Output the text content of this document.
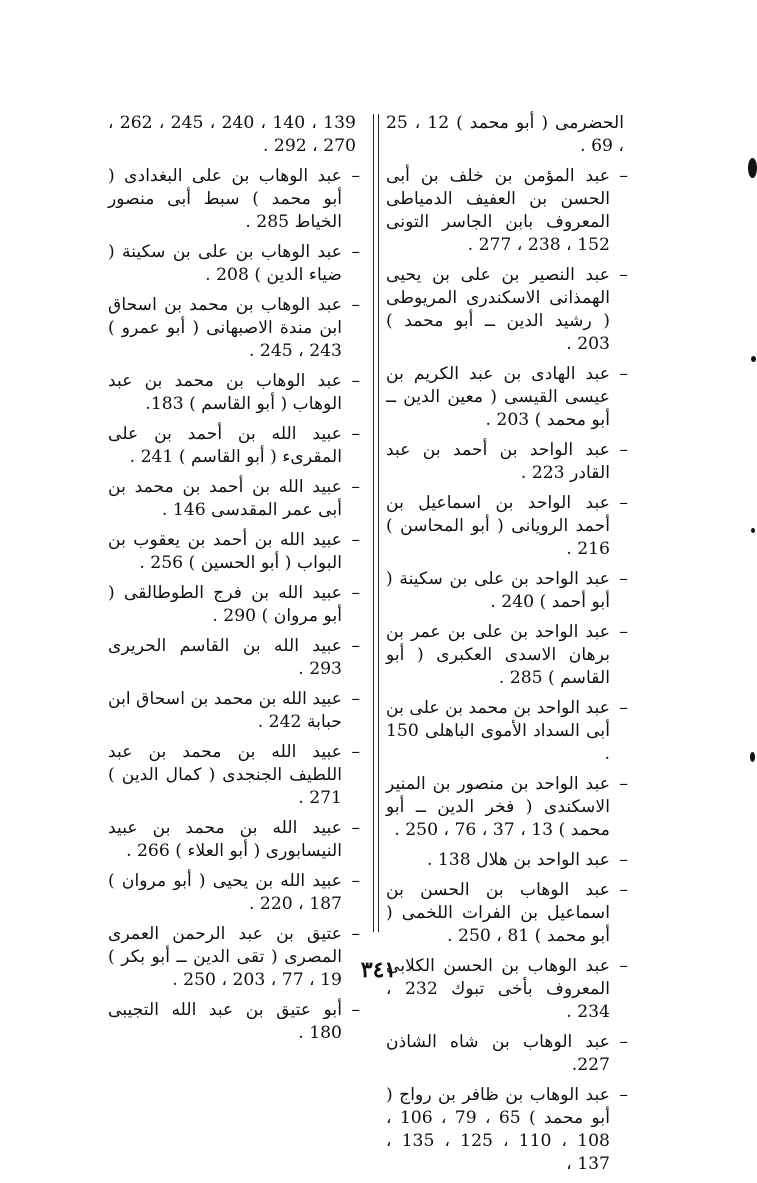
الحضرمى ( أبو محمد ) 12 ، 25 ، 69 .
–
عبد المؤمن بن خلف بن أبى الحسن بن العفيف الدمياطى المعروف بابن الجاسر التونى 152 ، 238 ، 277 .
–
عبد النصير بن على بن يحيى الهمذانى الاسكندرى المريوطى ( رشيد الدين ــ أبو محمد ) 203 .
–
عبد الهادى بن عبد الكريم بن عيسى القيسى ( معين الدين ــ أبو محمد ) 203 .
–
عبد الواحد بن أحمد بن عبد القادر 223 .
–
عبد الواحد بن اسماعيل بن أحمد الرويانى ( أبو المحاسن ) 216 .
–
عبد الواحد بن على بن سكينة ( أبو أحمد ) 240 .
–
عبد الواحد بن على بن عمر بن برهان الاسدى العكبرى ( أبو القاسم ) 285 .
–
عبد الواحد بن محمد بن على بن أبى السداد الأموى الباهلى 150 .
–
عبد الواحد بن منصور بن المنير الاسكندى ( فخر الدين ــ أبو محمد ) 13 ، 37 ، 76 ، 250 .
–
عبد الواحد بن هلال 138 .
–
عبد الوهاب بن الحسن بن اسماعيل بن الفرات اللخمى ( أبو محمد ) 81 ، 250 .
–
عبد الوهاب بن الحسن الكلابى المعروف بأخى تبوك 232 ، 234 .
–
عبد الوهاب بن شاه الشاذن 227.
–
عبد الوهاب بن ظافر بن رواج ( أبو محمد ) 65 ، 79 ، 106 ، 108 ، 110 ، 125 ، 135 ، 137 ،
139 ، 140 ، 240 ، 245 ، 262 ، 270 ، 292 .
–
عبد الوهاب بن على البغدادى ( أبو محمد ) سبط أبى منصور الخياط 285 .
–
عبد الوهاب بن على بن سكينة ( ضياء الدين ) 208 .
–
عبد الوهاب بن محمد بن اسحاق ابن مندة الاصبهانى ( أبو عمرو ) 243 ، 245 .
–
عبد الوهاب بن محمد بن عبد الوهاب ( أبو القاسم ) 183.
–
عبيد الله بن أحمد بن على المقرىء ( أبو القاسم ) 241 .
–
عبيد الله بن أحمد بن محمد بن أبى عمر المقدسى 146 .
–
عبيد الله بن أحمد بن يعقوب بن البواب ( أبو الحسين ) 256 .
–
عبيد الله بن فرج الطوطالقى ( أبو مروان ) 290 .
–
عبيد الله بن القاسم الحريرى 293 .
–
عبيد الله بن محمد بن اسحاق ابن حبابة 242 .
–
عبيد الله بن محمد بن عبد اللطيف الجنجدى ( كمال الدين ) 271 .
–
عبيد الله بن محمد بن عبيد النيسابورى ( أبو العلاء ) 266 .
–
عبيد الله بن يحيى ( أبو مروان ) 187 ، 220 .
–
عتيق بن عبد الرحمن العمرى المصرى ( تقى الدين ــ أبو بكر ) 19 ، 77 ، 203 ، 250 .
–
أبو عتيق بن عبد الله التجيبى 180 .
٣٤١
